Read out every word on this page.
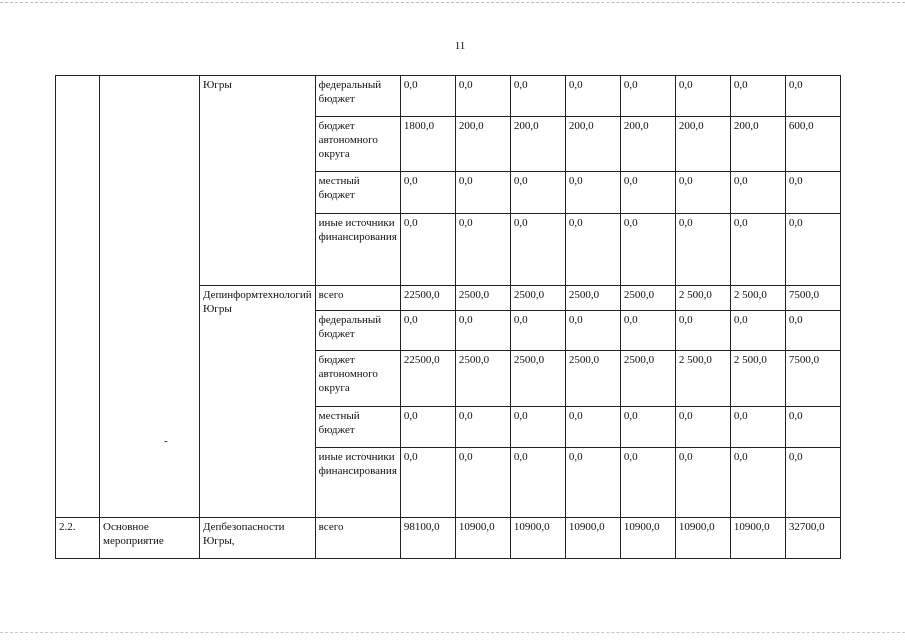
11
		Югры	федеральный бюджет	0,0	0,0	0,0	0,0	0,0	0,0	0,0	0,0
			бюджет автономного округа	1800,0	200,0	200,0	200,0	200,0	200,0	200,0	600,0
			местный бюджет	0,0	0,0	0,0	0,0	0,0	0,0	0,0	0,0
			иные источники финансирования	0,0	0,0	0,0	0,0	0,0	0,0	0,0	0,0
		Депинформтехнологий Югры	всего	22500,0	2500,0	2500,0	2500,0	2500,0	2 500,0	2 500,0	7500,0
			федеральный бюджет	0,0	0,0	0,0	0,0	0,0	0,0	0,0	0,0
			бюджет автономного округа	22500,0	2500,0	2500,0	2500,0	2500,0	2 500,0	2 500,0	7500,0
			местный бюджет	0,0	0,0	0,0	0,0	0,0	0,0	0,0	0,0
			иные источники финансирования	0,0	0,0	0,0	0,0	0,0	0,0	0,0	0,0
2.2.	Основное мероприятие	Депбезопасности Югры,	всего	98100,0	10900,0	10900,0	10900,0	10900,0	10900,0	10900,0	32700,0
-
